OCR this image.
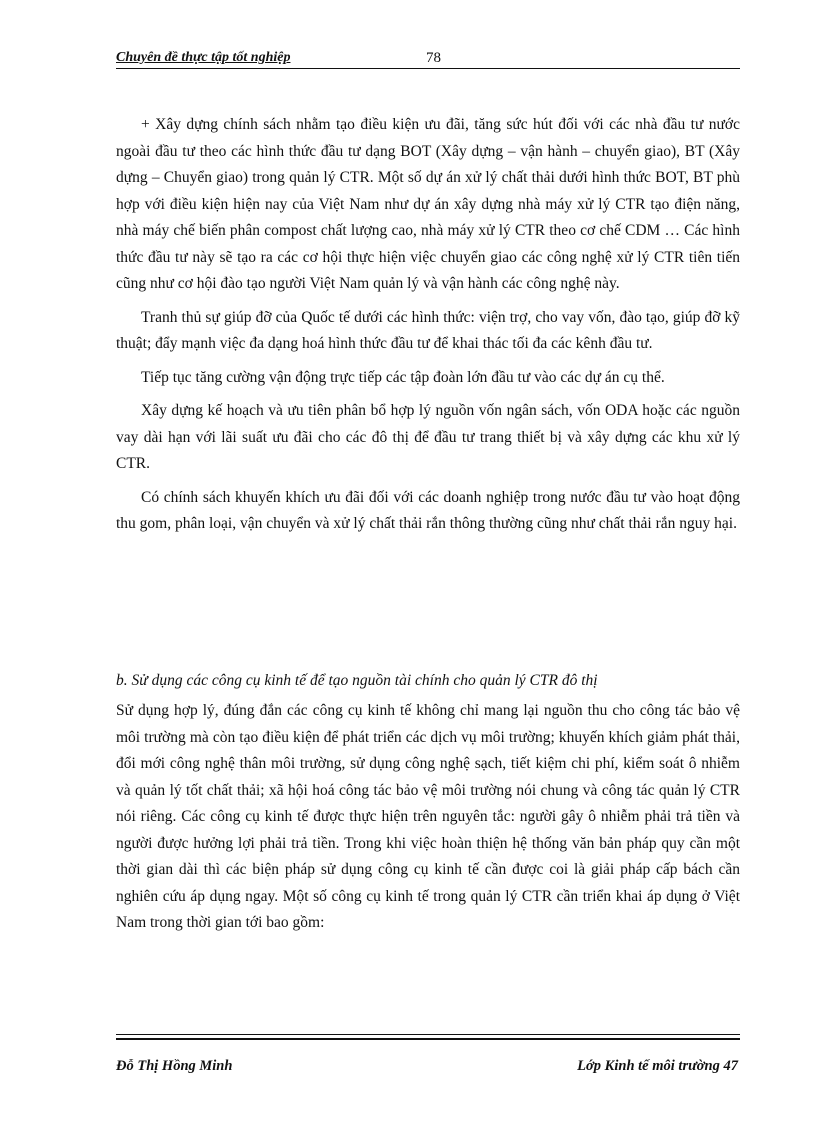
Chuyên đề thực tập tốt nghiệp	78

+ Xây dựng chính sách nhằm tạo điều kiện ưu đãi, tăng sức hút đối với các nhà đầu tư nước ngoài đầu tư theo các hình thức đầu tư dạng BOT (Xây dựng – vận hành – chuyển giao), BT (Xây dựng – Chuyển giao) trong quản lý CTR. Một số dự án xử lý chất thải dưới hình thức BOT, BT phù hợp với điều kiện hiện nay của Việt Nam như dự án xây dựng nhà máy xử lý CTR tạo điện năng, nhà máy chế biến phân compost chất lượng cao, nhà máy xử lý CTR theo cơ chế CDM … Các hình thức đầu tư này sẽ tạo ra các cơ hội thực hiện việc chuyển giao các công nghệ xử lý CTR tiên tiến cũng như cơ hội đào tạo người Việt Nam quản lý và vận hành các công nghệ này.

Tranh thủ sự giúp đỡ của Quốc tế dưới các hình thức: viện trợ, cho vay vốn, đào tạo, giúp đỡ kỹ thuật; đẩy mạnh việc đa dạng hoá hình thức đầu tư để khai thác tối đa các kênh đầu tư.

Tiếp tục tăng cường vận động trực tiếp các tập đoàn lớn đầu tư vào các dự án cụ thể.

Xây dựng kế hoạch và ưu tiên phân bổ hợp lý nguồn vốn ngân sách, vốn ODA hoặc các nguồn vay dài hạn với lãi suất ưu đãi cho các đô thị để đầu tư trang thiết bị và xây dựng các khu xử lý CTR.

Có chính sách khuyến khích ưu đãi đối với các doanh nghiệp trong nước đầu tư vào hoạt động thu gom, phân loại, vận chuyển và xử lý chất thải rắn thông thường cũng như chất thải rắn nguy hại.

b. Sử dụng các công cụ kinh tế để tạo nguồn tài chính cho quản lý CTR đô thị

Sử dụng hợp lý, đúng đắn các công cụ kinh tế không chỉ mang lại nguồn thu cho công tác bảo vệ môi trường mà còn tạo điều kiện để phát triển các dịch vụ môi trường; khuyến khích giảm phát thải, đổi mới công nghệ thân môi trường, sử dụng công nghệ sạch, tiết kiệm chi phí, kiểm soát ô nhiễm và quản lý tốt chất thải; xã hội hoá công tác bảo vệ môi trường nói chung và công tác quản lý CTR nói riêng. Các công cụ kinh tế được thực hiện trên nguyên tắc: người gây ô nhiễm phải trả tiền và người được hưởng lợi phải trả tiền. Trong khi việc hoàn thiện hệ thống văn bản pháp quy cần một thời gian dài thì các biện pháp sử dụng công cụ kinh tế cần được coi là giải pháp cấp bách cần nghiên cứu áp dụng ngay. Một số công cụ kinh tế trong quản lý CTR cần triển khai áp dụng ở Việt Nam trong thời gian tới bao gồm:

Đỗ Thị Hồng Minh	Lớp Kinh tế môi trường 47
